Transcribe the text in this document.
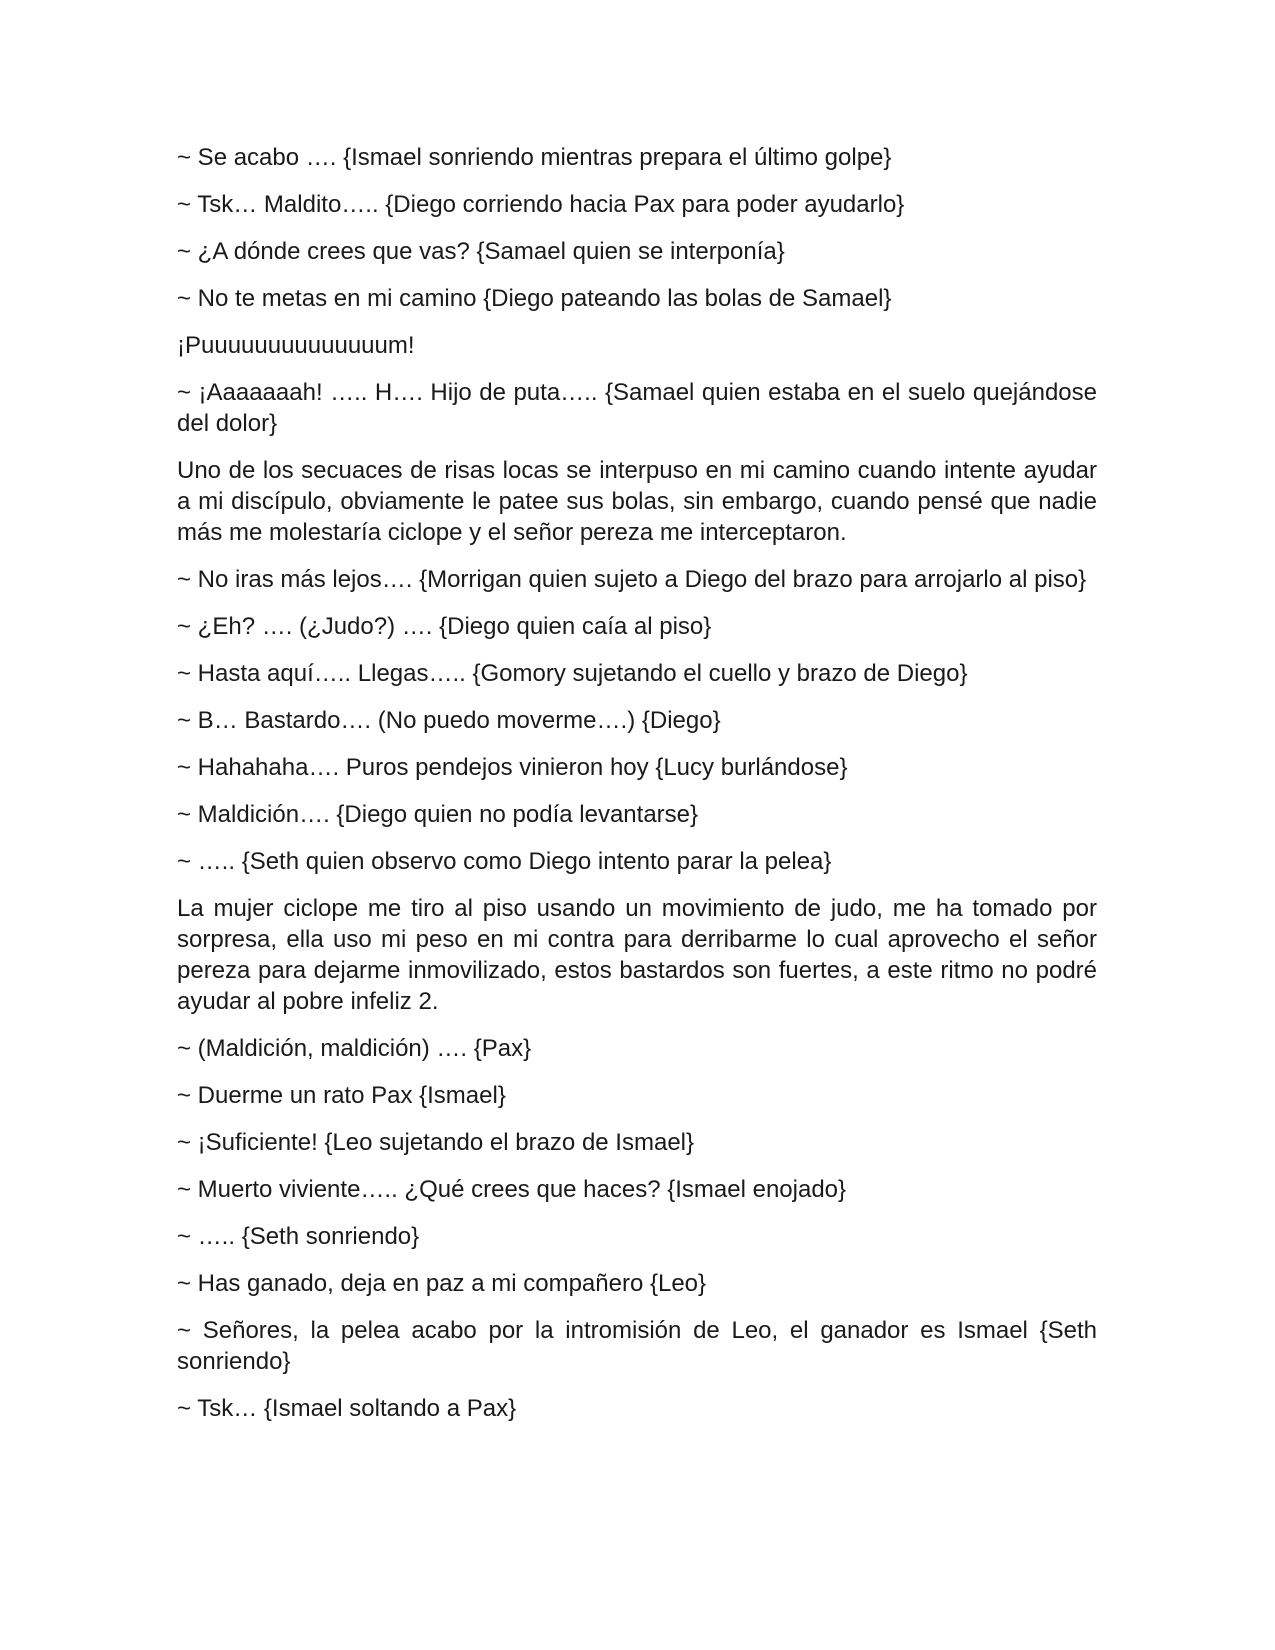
~ Se acabo …. {Ismael sonriendo mientras prepara el último golpe}

~ Tsk… Maldito….. {Diego corriendo hacia Pax para poder ayudarlo}

~ ¿A dónde crees que vas? {Samael quien se interponía}

~ No te metas en mi camino {Diego pateando las bolas de Samael}

¡Puuuuuuuuuuuuuum!

~ ¡Aaaaaaah! ….. H…. Hijo de puta….. {Samael quien estaba en el suelo quejándose del dolor}

Uno de los secuaces de risas locas se interpuso en mi camino cuando intente ayudar a mi discípulo, obviamente le patee sus bolas, sin embargo, cuando pensé que nadie más me molestaría ciclope y el señor pereza me interceptaron.

~ No iras más lejos…. {Morrigan quien sujeto a Diego del brazo para arrojarlo al piso}

~ ¿Eh? …. (¿Judo?) …. {Diego quien caía al piso}

~ Hasta aquí….. Llegas….. {Gomory sujetando el cuello y brazo de Diego}

~ B… Bastardo…. (No puedo moverme….) {Diego}

~ Hahahaha…. Puros pendejos vinieron hoy {Lucy burlándose}

~ Maldición…. {Diego quien no podía levantarse}

~ ….. {Seth quien observo como Diego intento parar la pelea}

La mujer ciclope me tiro al piso usando un movimiento de judo, me ha tomado por sorpresa, ella uso mi peso en mi contra para derribarme lo cual aprovecho el señor pereza para dejarme inmovilizado, estos bastardos son fuertes, a este ritmo no podré ayudar al pobre infeliz 2.

~ (Maldición, maldición) …. {Pax}

~ Duerme un rato Pax {Ismael}

~ ¡Suficiente! {Leo sujetando el brazo de Ismael}

~ Muerto viviente….. ¿Qué crees que haces? {Ismael enojado}

~ ….. {Seth sonriendo}

~ Has ganado, deja en paz a mi compañero {Leo}

~ Señores, la pelea acabo por la intromisión de Leo, el ganador es Ismael {Seth sonriendo}

~ Tsk… {Ismael soltando a Pax}
